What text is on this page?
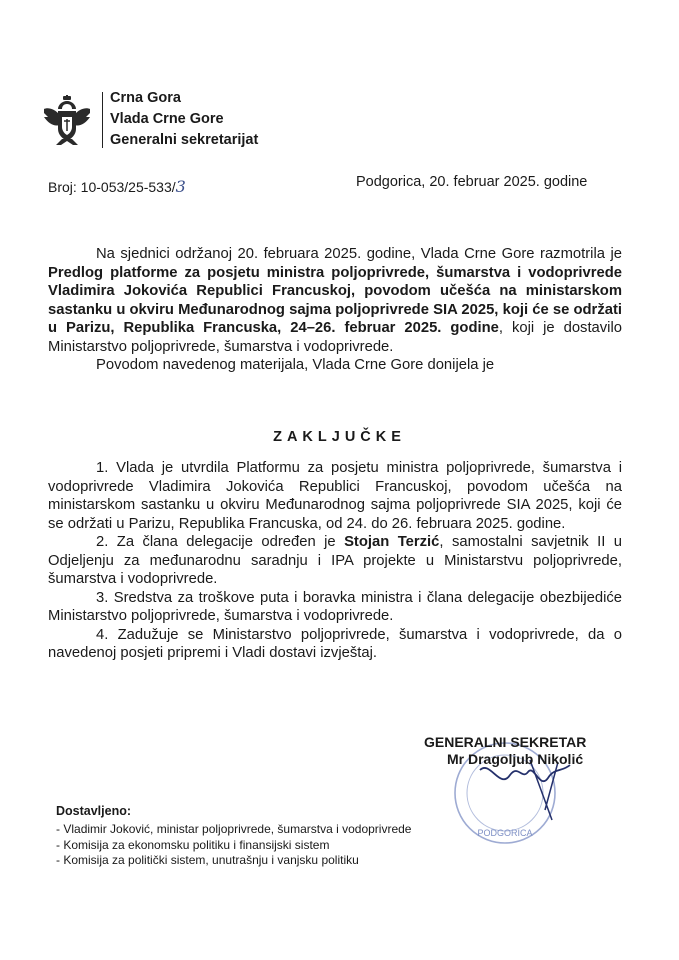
Crna Gora
Vlada Crne Gore
Generalni sekretarijat
Broj: 10-053/25-533/3	Podgorica, 20. februar 2025. godine

Na sjednici održanoj 20. februara 2025. godine, Vlada Crne Gore razmotrila je Predlog platforme za posjetu ministra poljoprivrede, šumarstva i vodoprivrede Vladimira Jokovića Republici Francuskoj, povodom učešća na ministarskom sastanku u okviru Međunarodnog sajma poljoprivrede SIA 2025, koji će se održati u Parizu, Republika Francuska, 24–26. februar 2025. godine, koji je dostavilo Ministarstvo poljoprivrede, šumarstva i vodoprivrede.

Povodom navedenog materijala, Vlada Crne Gore donijela je

ZAKLJUČKE

1. Vlada je utvrdila Platformu za posjetu ministra poljoprivrede, šumarstva i vodoprivrede Vladimira Jokovića Republici Francuskoj, povodom učešća na ministarskom sastanku u okviru Međunarodnog sajma poljoprivrede SIA 2025, koji će se održati u Parizu, Republika Francuska, od 24. do 26. februara 2025. godine.

2. Za člana delegacije određen je Stojan Terzić, samostalni savjetnik II u Odjeljenju za međunarodnu saradnju i IPA projekte u Ministarstvu poljoprivrede, šumarstva i vodoprivrede.

3. Sredstva za troškove puta i boravka ministra i člana delegacije obezbijediće Ministarstvo poljoprivrede, šumarstva i vodoprivrede.

4. Zadužuje se Ministarstvo poljoprivrede, šumarstva i vodoprivrede, da o navedenoj posjeti pripremi i Vladi dostavi izvještaj.

PODGORICA
GENERALNI SEKRETAR
Mr Dragoljub Nikolić
Dostavljeno:
- Vladimir Joković, ministar poljoprivrede, šumarstva i vodoprivrede
- Komisija za ekonomsku politiku i finansijski sistem
- Komisija za politički sistem, unutrašnju i vanjsku politiku
